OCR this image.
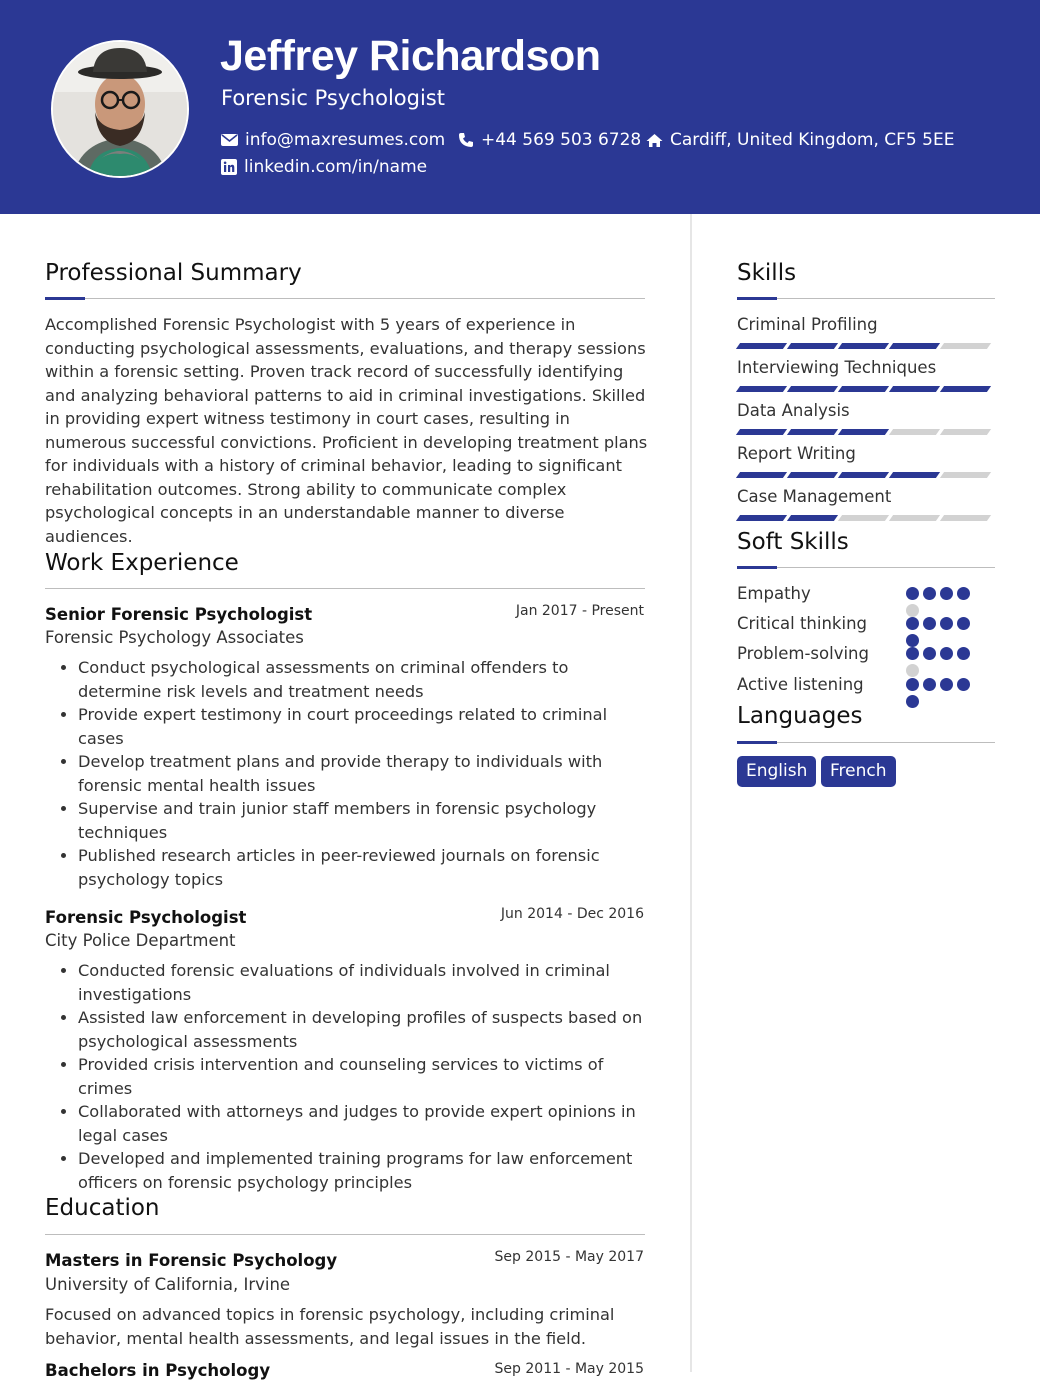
Jeffrey Richardson
Forensic Psychologist
info@maxresumes.com +44 569 503 6728 Cardiff, United Kingdom, CF5 5EE
linkedin.com/in/name
Professional Summary
Accomplished Forensic Psychologist with 5 years of experience in conducting psychological assessments, evaluations, and therapy sessions within a forensic setting. Proven track record of successfully identifying and analyzing behavioral patterns to aid in criminal investigations. Skilled in providing expert witness testimony in court cases, resulting in numerous successful convictions. Proficient in developing treatment plans for individuals with a history of criminal behavior, leading to significant rehabilitation outcomes. Strong ability to communicate complex psychological concepts in an understandable manner to diverse audiences.
Work Experience
Senior Forensic Psychologist	Jan 2017 - Present
Forensic Psychology Associates
• Conduct psychological assessments on criminal offenders to determine risk levels and treatment needs
• Provide expert testimony in court proceedings related to criminal cases
• Develop treatment plans and provide therapy to individuals with forensic mental health issues
• Supervise and train junior staff members in forensic psychology techniques
• Published research articles in peer-reviewed journals on forensic psychology topics
Forensic Psychologist	Jun 2014 - Dec 2016
City Police Department
• Conducted forensic evaluations of individuals involved in criminal investigations
• Assisted law enforcement in developing profiles of suspects based on psychological assessments
• Provided crisis intervention and counseling services to victims of crimes
• Collaborated with attorneys and judges to provide expert opinions in legal cases
• Developed and implemented training programs for law enforcement officers on forensic psychology principles
Education
Masters in Forensic Psychology	Sep 2015 - May 2017
University of California, Irvine
Focused on advanced topics in forensic psychology, including criminal behavior, mental health assessments, and legal issues in the field.
Bachelors in Psychology	Sep 2011 - May 2015
Skills
Criminal Profiling
Interviewing Techniques
Data Analysis
Report Writing
Case Management
Soft Skills
Empathy
Critical thinking
Problem-solving
Active listening
Languages
English	French
